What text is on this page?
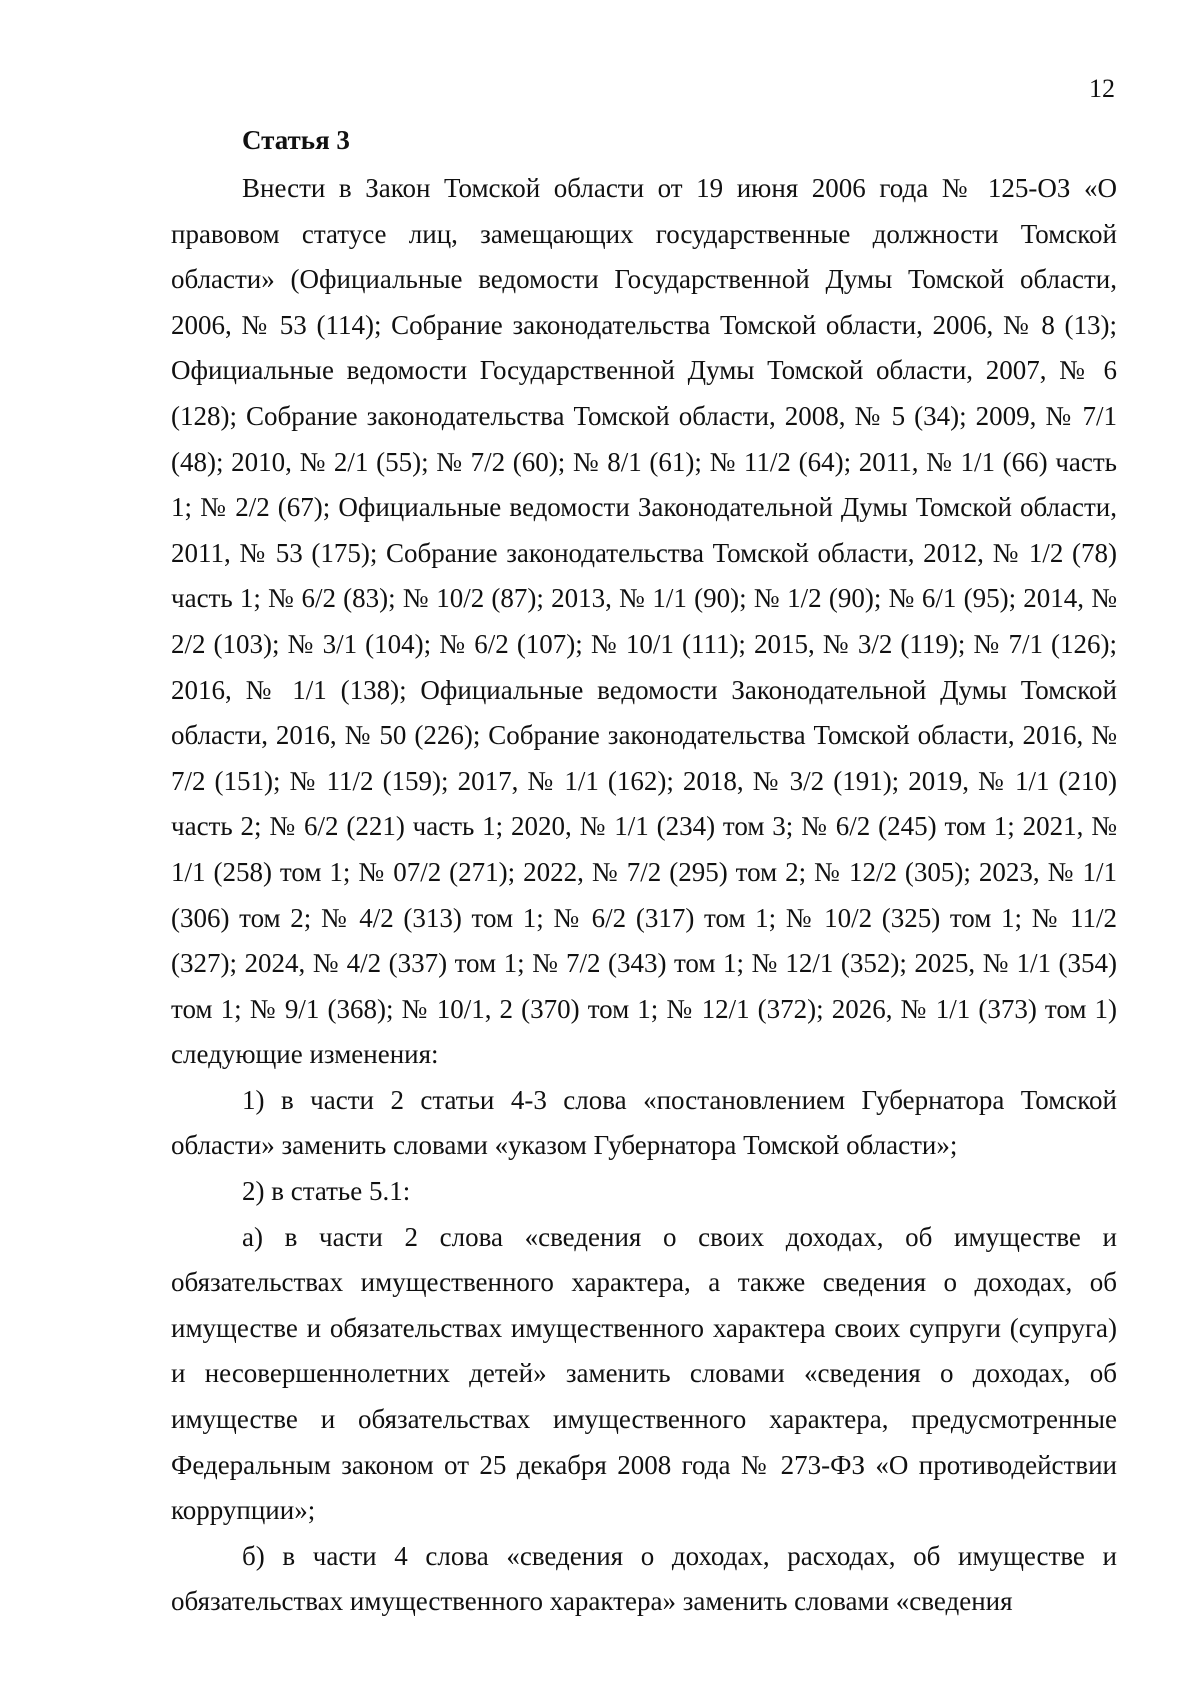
12
Статья 3

Внести в Закон Томской области от 19 июня 2006 года № 125-ОЗ «О правовом статусе лиц, замещающих государственные должности Томской области» (Официальные ведомости Государственной Думы Томской области, 2006, № 53 (114); Собрание законодательства Томской области, 2006, № 8 (13); Официальные ведомости Государственной Думы Томской области, 2007, № 6 (128); Собрание законодательства Томской области, 2008, № 5 (34); 2009, № 7/1 (48); 2010, № 2/1 (55); № 7/2 (60); № 8/1 (61); № 11/2 (64); 2011, № 1/1 (66) часть 1; № 2/2 (67); Официальные ведомости Законодательной Думы Томской области, 2011, № 53 (175); Собрание законодательства Томской области, 2012, № 1/2 (78) часть 1; № 6/2 (83); № 10/2 (87); 2013, № 1/1 (90); № 1/2 (90); № 6/1 (95); 2014, № 2/2 (103); № 3/1 (104); № 6/2 (107); № 10/1 (111); 2015, № 3/2 (119); № 7/1 (126); 2016, № 1/1 (138); Официальные ведомости Законодательной Думы Томской области, 2016, № 50 (226); Собрание законодательства Томской области, 2016, № 7/2 (151); № 11/2 (159); 2017, № 1/1 (162); 2018, № 3/2 (191); 2019, № 1/1 (210) часть 2; № 6/2 (221) часть 1; 2020, № 1/1 (234) том 3; № 6/2 (245) том 1; 2021, № 1/1 (258) том 1; № 07/2 (271); 2022, № 7/2 (295) том 2; № 12/2 (305); 2023, № 1/1 (306) том 2; № 4/2 (313) том 1; № 6/2 (317) том 1; № 10/2 (325) том 1; № 11/2 (327); 2024, № 4/2 (337) том 1; № 7/2 (343) том 1; № 12/1 (352); 2025, № 1/1 (354) том 1; № 9/1 (368); № 10/1, 2 (370) том 1; № 12/1 (372); 2026, № 1/1 (373) том 1) следующие изменения:

1) в части 2 статьи 4-3 слова «постановлением Губернатора Томской области» заменить словами «указом Губернатора Томской области»;

2) в статье 5.1:

а) в части 2 слова «сведения о своих доходах, об имуществе и обязательствах имущественного характера, а также сведения о доходах, об имуществе и обязательствах имущественного характера своих супруги (супруга) и несовершеннолетних детей» заменить словами «сведения о доходах, об имуществе и обязательствах имущественного характера, предусмотренные Федеральным законом от 25 декабря 2008 года № 273-ФЗ «О противодействии коррупции»;

б) в части 4 слова «сведения о доходах, расходах, об имуществе и обязательствах имущественного характера» заменить словами «сведения
